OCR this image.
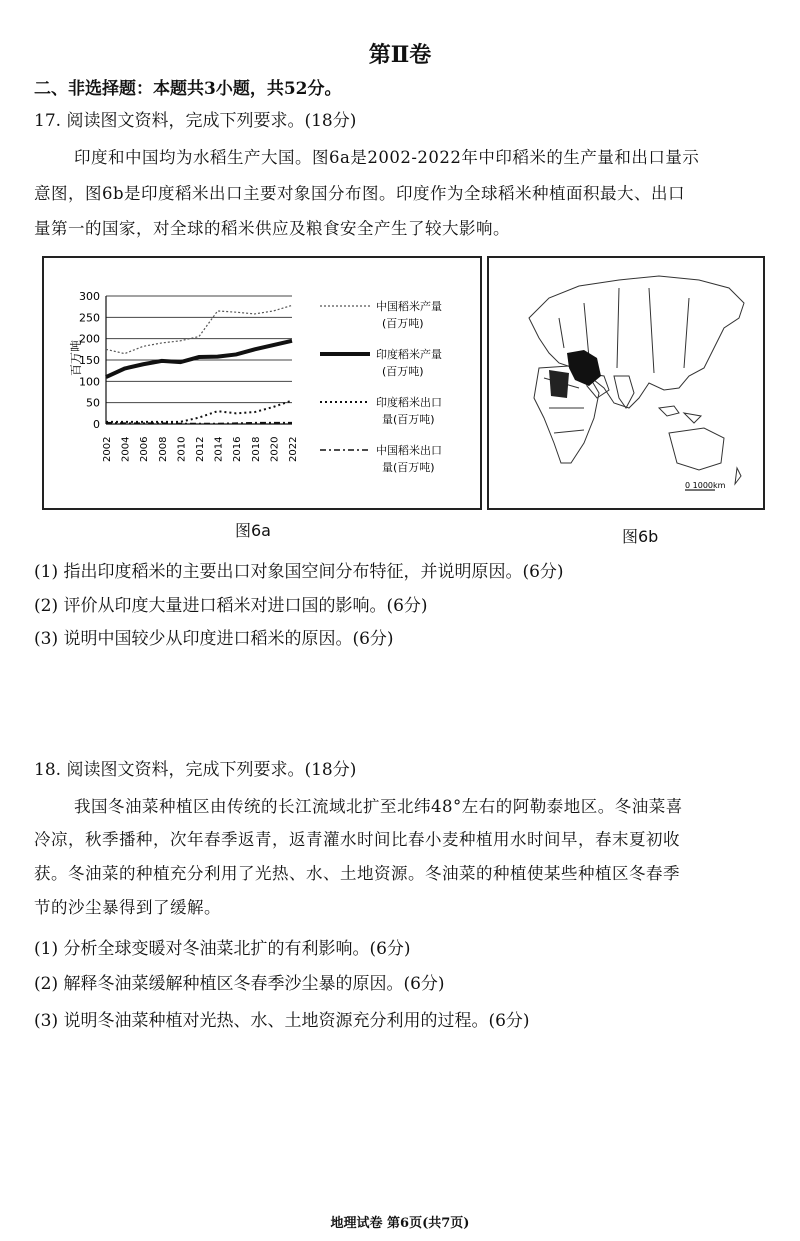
第Ⅱ卷
二、非选择题：本题共3小题，共52分。
17. 阅读图文资料，完成下列要求。(18分)
印度和中国均为水稻生产大国。图6a是2002-2022年中印稻米的生产量和出口量示
意图，图6b是印度稻米出口主要对象国分布图。印度作为全球稻米种植面积最大、出口
量第一的国家，对全球的稻米供应及粮食安全产生了较大影响。
0
50
100
150
200
250
300
2002 2004 2006 2008 2010 2012 2014 2016 2018 2020 2022
百万吨
中国稻米产量
(百万吨)
印度稻米产量
(百万吨)
印度稻米出口
量(百万吨)
中国稻米出口
量(百万吨)
图6a
0 1000km
图6b
(1) 指出印度稻米的主要出口对象国空间分布特征，并说明原因。(6分)
(2) 评价从印度大量进口稻米对进口国的影响。(6分)
(3) 说明中国较少从印度进口稻米的原因。(6分)
18. 阅读图文资料，完成下列要求。(18分)
我国冬油菜种植区由传统的长江流域北扩至北纬48°左右的阿勒泰地区。冬油菜喜
冷凉，秋季播种，次年春季返青，返青灌水时间比春小麦种植用水时间早，春末夏初收
获。冬油菜的种植充分利用了光热、水、土地资源。冬油菜的种植使某些种植区冬春季
节的沙尘暴得到了缓解。
(1) 分析全球变暖对冬油菜北扩的有利影响。(6分)
(2) 解释冬油菜缓解种植区冬春季沙尘暴的原因。(6分)
(3) 说明冬油菜种植对光热、水、土地资源充分利用的过程。(6分)
地理试卷 第6页(共7页)
